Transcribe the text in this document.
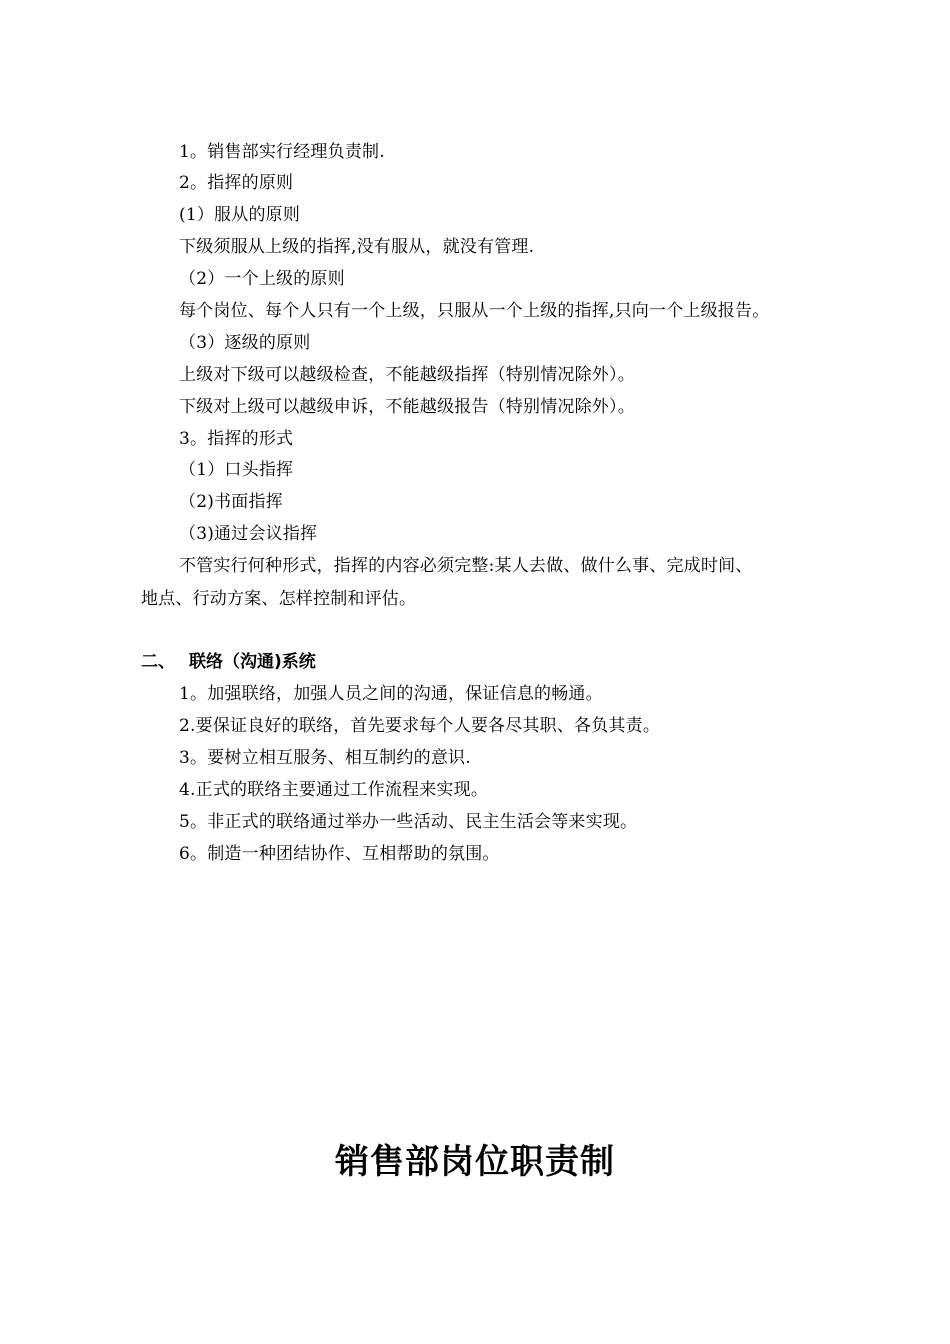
1。销售部实行经理负责制.
2。指挥的原则
(1）服从的原则
下级须服从上级的指挥,没有服从，就没有管理.
（2）一个上级的原则
每个岗位、每个人只有一个上级，只服从一个上级的指挥,只向一个上级报告。
（3）逐级的原则
上级对下级可以越级检查，不能越级指挥（特别情况除外）。
下级对上级可以越级申诉，不能越级报告（特别情况除外）。
3。指挥的形式
（1）口头指挥
（2)书面指挥
（3)通过会议指挥
不管实行何种形式，指挥的内容必须完整:某人去做、做什么事、完成时间、
地点、行动方案、怎样控制和评估。
二、 联络（沟通)系统
1。加强联络，加强人员之间的沟通，保证信息的畅通。
2.要保证良好的联络，首先要求每个人要各尽其职、各负其责。
3。要树立相互服务、相互制约的意识.
4.正式的联络主要通过工作流程来实现。
5。非正式的联络通过举办一些活动、民主生活会等来实现。
6。制造一种团结协作、互相帮助的氛围。
销售部岗位职责制
